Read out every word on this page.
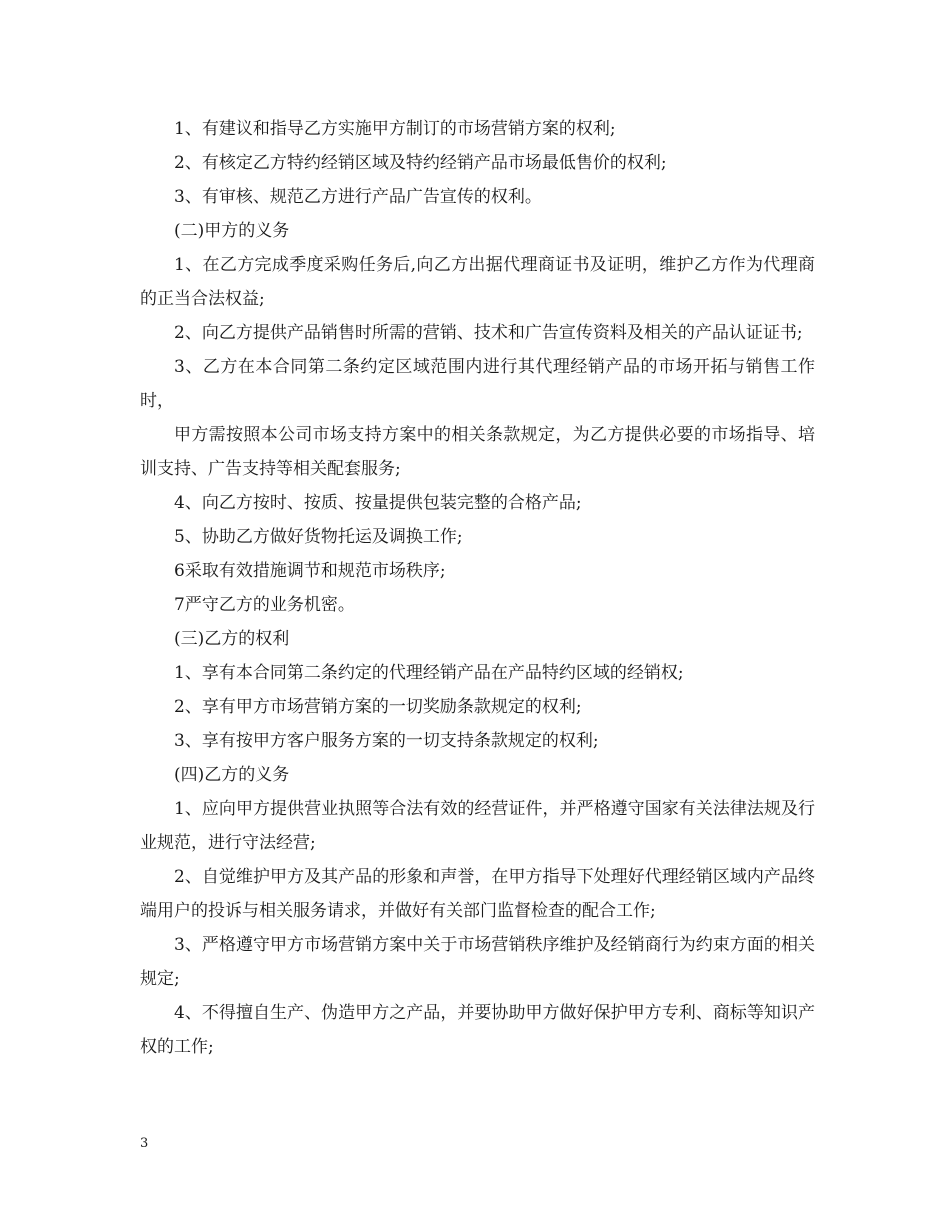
1、有建议和指导乙方实施甲方制订的市场营销方案的权利;

2、有核定乙方特约经销区域及特约经销产品市场最低售价的权利;

3、有审核、规范乙方进行产品广告宣传的权利。

(二)甲方的义务

1、在乙方完成季度采购任务后,向乙方出据代理商证书及证明，维护乙方作为代理商的正当合法权益;

2、向乙方提供产品销售时所需的营销、技术和广告宣传资料及相关的产品认证证书;

3、乙方在本合同第二条约定区域范围内进行其代理经销产品的市场开拓与销售工作时，

甲方需按照本公司市场支持方案中的相关条款规定，为乙方提供必要的市场指导、培训支持、广告支持等相关配套服务;

4、向乙方按时、按质、按量提供包装完整的合格产品;

5、协助乙方做好货物托运及调换工作;

6采取有效措施调节和规范市场秩序;

7严守乙方的业务机密。

(三)乙方的权利

1、享有本合同第二条约定的代理经销产品在产品特约区域的经销权;

2、享有甲方市场营销方案的一切奖励条款规定的权利;

3、享有按甲方客户服务方案的一切支持条款规定的权利;

(四)乙方的义务

1、应向甲方提供营业执照等合法有效的经营证件，并严格遵守国家有关法律法规及行业规范，进行守法经营;

2、自觉维护甲方及其产品的形象和声誉，在甲方指导下处理好代理经销区域内产品终端用户的投诉与相关服务请求，并做好有关部门监督检查的配合工作;

3、严格遵守甲方市场营销方案中关于市场营销秩序维护及经销商行为约束方面的相关规定;

4、不得擅自生产、伪造甲方之产品，并要协助甲方做好保护甲方专利、商标等知识产权的工作;

3
